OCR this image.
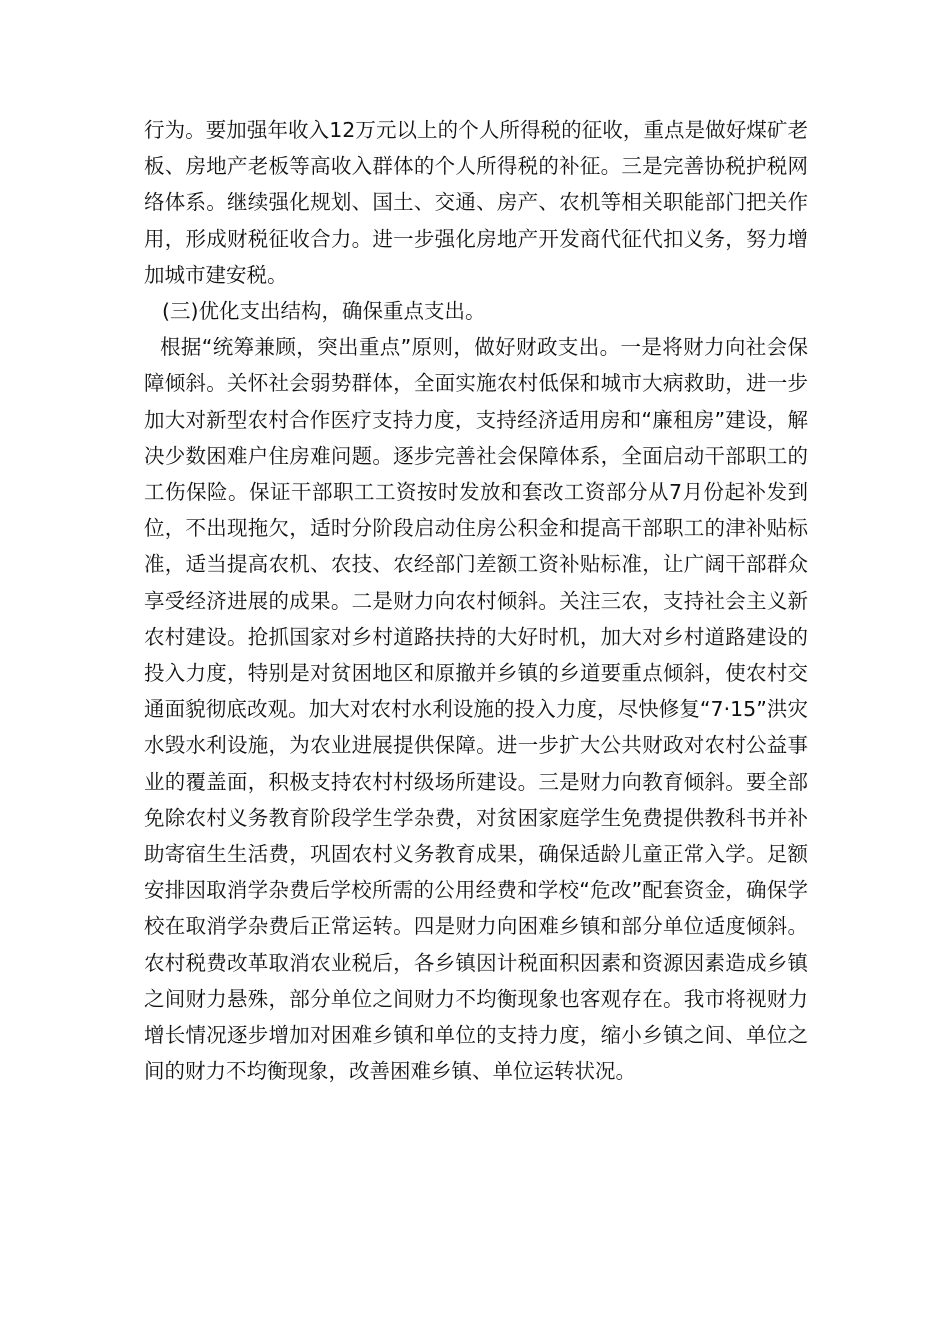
行为。要加强年收入12万元以上的个人所得税的征收，重点是做好煤矿老板、房地产老板等高收入群体的个人所得税的补征。三是完善协税护税网络体系。继续强化规划、国土、交通、房产、农机等相关职能部门把关作用，形成财税征收合力。进一步强化房地产开发商代征代扣义务，努力增加城市建安税。

(三)优化支出结构，确保重点支出。

根据“统筹兼顾，突出重点”原则，做好财政支出。一是将财力向社会保障倾斜。关怀社会弱势群体，全面实施农村低保和城市大病救助，进一步加大对新型农村合作医疗支持力度，支持经济适用房和“廉租房”建设，解决少数困难户住房难问题。逐步完善社会保障体系，全面启动干部职工的工伤保险。保证干部职工工资按时发放和套改工资部分从7月份起补发到位，不出现拖欠，适时分阶段启动住房公积金和提高干部职工的津补贴标准，适当提高农机、农技、农经部门差额工资补贴标准，让广阔干部群众享受经济进展的成果。二是财力向农村倾斜。关注三农，支持社会主义新农村建设。抢抓国家对乡村道路扶持的大好时机，加大对乡村道路建设的投入力度，特别是对贫困地区和原撤并乡镇的乡道要重点倾斜，使农村交通面貌彻底改观。加大对农村水利设施的投入力度，尽快修复“7·15”洪灾水毁水利设施，为农业进展提供保障。进一步扩大公共财政对农村公益事业的覆盖面，积极支持农村村级场所建设。三是财力向教育倾斜。要全部免除农村义务教育阶段学生学杂费，对贫困家庭学生免费提供教科书并补助寄宿生生活费，巩固农村义务教育成果，确保适龄儿童正常入学。足额安排因取消学杂费后学校所需的公用经费和学校“危改”配套资金，确保学校在取消学杂费后正常运转。四是财力向困难乡镇和部分单位适度倾斜。农村税费改革取消农业税后，各乡镇因计税面积因素和资源因素造成乡镇之间财力悬殊，部分单位之间财力不均衡现象也客观存在。我市将视财力增长情况逐步增加对困难乡镇和单位的支持力度，缩小乡镇之间、单位之间的财力不均衡现象，改善困难乡镇、单位运转状况。
